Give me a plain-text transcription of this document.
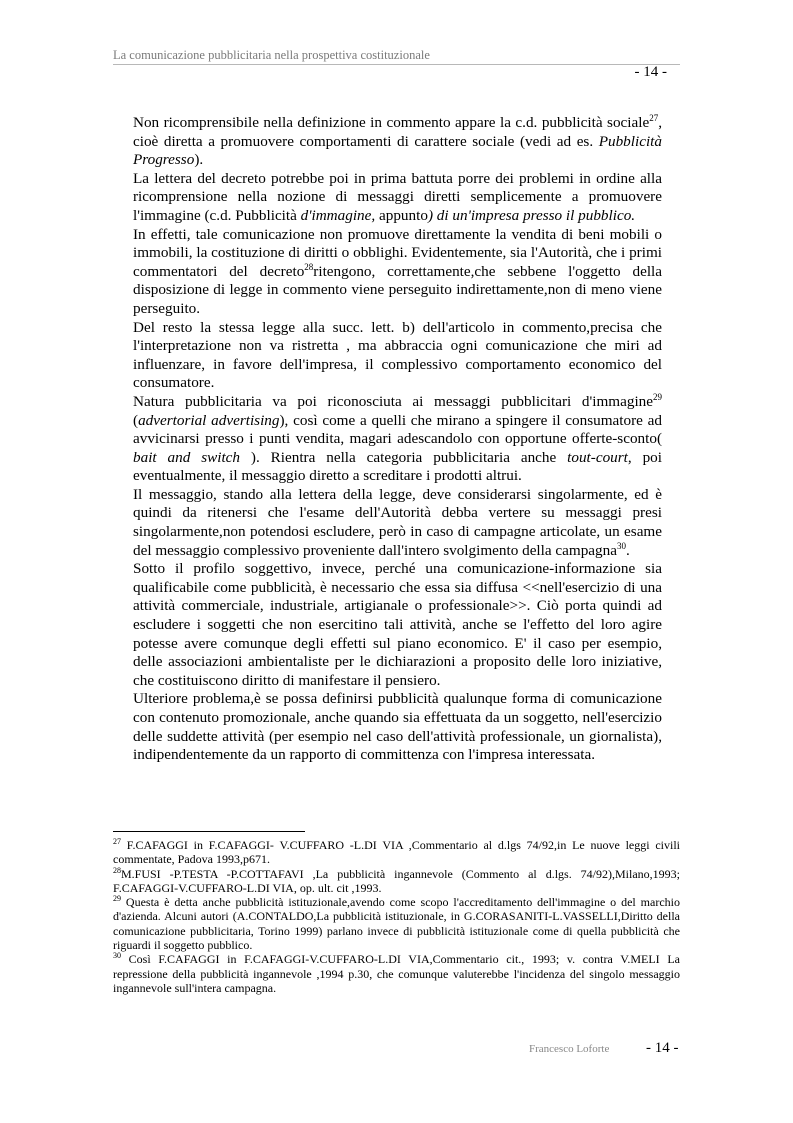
La comunicazione pubblicitaria nella prospettiva costituzionale
- 14 -

Non ricomprensibile nella definizione in commento appare la c.d. pubblicità sociale$^{27}$, cioè diretta a promuovere comportamenti di carattere sociale (vedi ad es. Pubblicità Progresso).

La lettera del decreto potrebbe poi in prima battuta porre dei problemi in ordine alla ricomprensione nella nozione di messaggi diretti semplicemente a promuovere l'immagine (c.d. Pubblicità d'immagine, appunto) di un'impresa presso il pubblico.

In effetti, tale comunicazione non promuove direttamente la vendita di beni mobili o immobili, la costituzione di diritti o obblighi. Evidentemente, sia l'Autorità, che i primi commentatori del decreto$^{28}$ritengono, correttamente,che sebbene l'oggetto della disposizione di legge in commento viene perseguito indirettamente,non di meno viene perseguito.

Del resto la stessa legge alla succ. lett. b) dell'articolo in commento,precisa che l'interpretazione non va ristretta , ma abbraccia ogni comunicazione che miri ad influenzare, in favore dell'impresa, il complessivo comportamento economico del consumatore.

Natura pubblicitaria va poi riconosciuta ai messaggi pubblicitari d'immagine$^{29}$ (advertorial advertising), così come a quelli che mirano a spingere il consumatore ad avvicinarsi presso i punti vendita, magari adescandolo con opportune offerte-sconto( bait and switch ). Rientra nella categoria pubblicitaria anche tout-court, poi eventualmente, il messaggio diretto a screditare i prodotti altrui.

Il messaggio, stando alla lettera della legge, deve considerarsi singolarmente, ed è quindi da ritenersi che l'esame dell'Autorità debba vertere su messaggi presi singolarmente,non potendosi escludere, però in caso di campagne articolate, un esame del messaggio complessivo proveniente dall'intero svolgimento della campagna$^{30}$.

Sotto il profilo soggettivo, invece, perché una comunicazione-informazione sia qualificabile come pubblicità, è necessario che essa sia diffusa <<nell'esercizio di una attività commerciale, industriale, artigianale o professionale>>. Ciò porta quindi ad escludere i soggetti che non esercitino tali attività, anche se l'effetto del loro agire potesse avere comunque degli effetti sul piano economico. E' il caso per esempio, delle associazioni ambientaliste per le dichiarazioni a proposito delle loro iniziative, che costituiscono diritto di manifestare il pensiero.

Ulteriore problema,è se possa definirsi pubblicità qualunque forma di comunicazione con contenuto promozionale, anche quando sia effettuata da un soggetto, nell'esercizio delle suddette attività (per esempio nel caso dell'attività professionale, un giornalista), indipendentemente da un rapporto di committenza con l'impresa interessata.

$^{27}$ F.CAFAGGI in F.CAFAGGI- V.CUFFARO -L.DI VIA ,Commentario al d.lgs 74/92,in Le nuove leggi civili commentate, Padova 1993,p671.

$^{28}$M.FUSI -P.TESTA -P.COTTAFAVI ,La pubblicità ingannevole (Commento al d.lgs. 74/92),Milano,1993; F.CAFAGGI-V.CUFFARO-L.DI VIA, op. ult. cit ,1993.

$^{29}$ Questa è detta anche pubblicità istituzionale,avendo come scopo l'accreditamento dell'immagine o del marchio d'azienda. Alcuni autori (A.CONTALDO,La pubblicità istituzionale, in G.CORASANITI-L.VASSELLI,Diritto della comunicazione pubblicitaria, Torino 1999) parlano invece di pubblicità istituzionale come di quella pubblicità che riguardi il soggetto pubblico.

$^{30}$ Così F.CAFAGGI in F.CAFAGGI-V.CUFFARO-L.DI VIA,Commentario cit., 1993; v. contra V.MELI La repressione della pubblicità ingannevole ,1994 p.30, che comunque valuterebbe l'incidenza del singolo messaggio ingannevole sull'intera campagna.

Francesco Loforte - 14 -
